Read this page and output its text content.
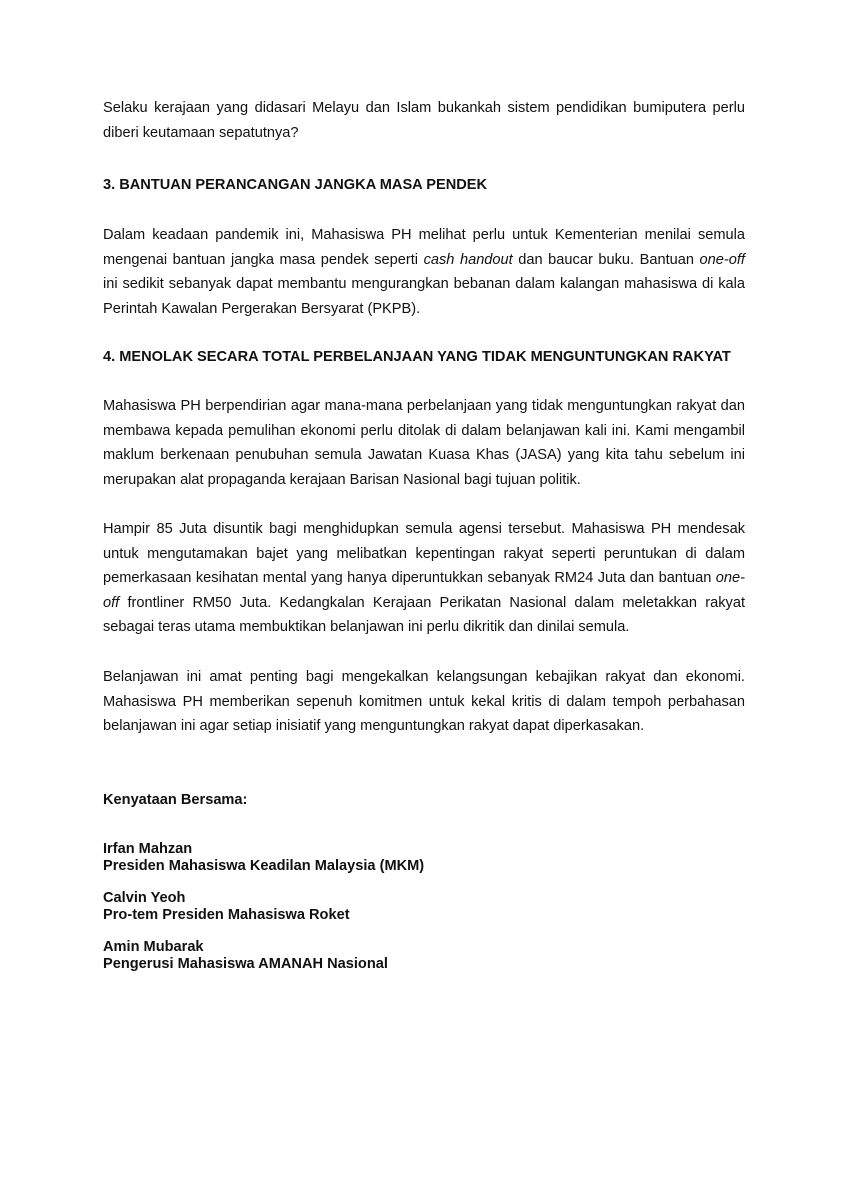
Selaku kerajaan yang didasari Melayu dan Islam bukankah sistem pendidikan bumiputera perlu diberi keutamaan sepatutnya?

3. BANTUAN PERANCANGAN JANGKA MASA PENDEK

Dalam keadaan pandemik ini, Mahasiswa PH melihat perlu untuk Kementerian menilai semula mengenai bantuan jangka masa pendek seperti cash handout dan baucar buku. Bantuan one-off ini sedikit sebanyak dapat membantu mengurangkan bebanan dalam kalangan mahasiswa di kala Perintah Kawalan Pergerakan Bersyarat (PKPB).

4. MENOLAK SECARA TOTAL PERBELANJAAN YANG TIDAK MENGUNTUNGKAN RAKYAT

Mahasiswa PH berpendirian agar mana-mana perbelanjaan yang tidak menguntungkan rakyat dan membawa kepada pemulihan ekonomi perlu ditolak di dalam belanjawan kali ini. Kami mengambil maklum berkenaan penubuhan semula Jawatan Kuasa Khas (JASA) yang kita tahu sebelum ini merupakan alat propaganda kerajaan Barisan Nasional bagi tujuan politik.

Hampir 85 Juta disuntik bagi menghidupkan semula agensi tersebut. Mahasiswa PH mendesak untuk mengutamakan bajet yang melibatkan kepentingan rakyat seperti peruntukan di dalam pemerkasaan kesihatan mental yang hanya diperuntukkan sebanyak RM24 Juta dan bantuan one-off frontliner RM50 Juta. Kedangkalan Kerajaan Perikatan Nasional dalam meletakkan rakyat sebagai teras utama membuktikan belanjawan ini perlu dikritik dan dinilai semula.

Belanjawan ini amat penting bagi mengekalkan kelangsungan kebajikan rakyat dan ekonomi. Mahasiswa PH memberikan sepenuh komitmen untuk kekal kritis di dalam tempoh perbahasan belanjawan ini agar setiap inisiatif yang menguntungkan rakyat dapat diperkasakan.

Kenyataan Bersama:

Irfan Mahzan
Presiden Mahasiswa Keadilan Malaysia (MKM)
Calvin Yeoh
Pro-tem Presiden Mahasiswa Roket
Amin Mubarak
Pengerusi Mahasiswa AMANAH Nasional
